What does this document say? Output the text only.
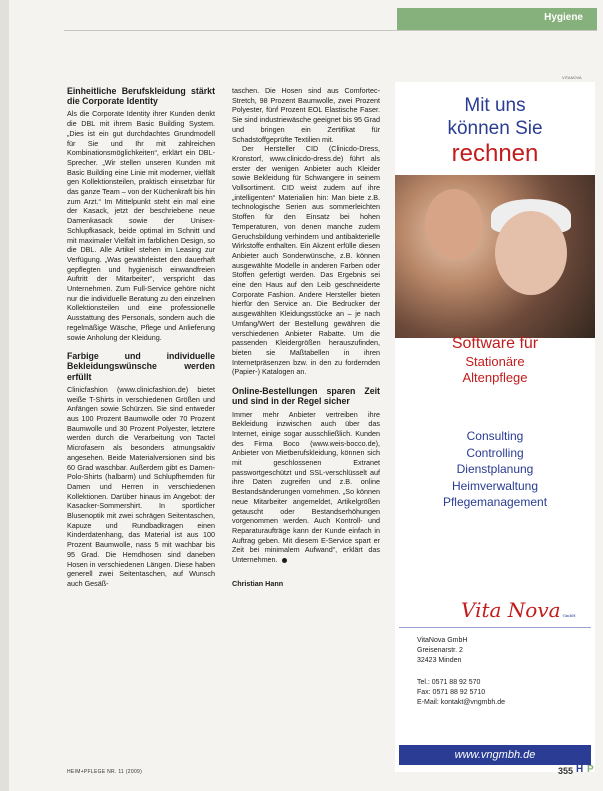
Hygiene
Einheitliche Berufskleidung stärkt die Corporate Identity

Als die Corporate Identity ihrer Kunden denkt die DBL mit ihrem Basic Building System. „Dies ist ein gut durchdachtes Grundmodell für Sie und Ihr mit zahlreichen Kombinationsmöglichkeiten“, erklärt ein DBL-Sprecher. „Wir stellen unseren Kunden mit Basic Building eine Linie mit moderner, vielfält gen Kollektionsteilen, praktisch einsetzbar für das ganze Team – von der Küchenkraft bis hin zum Arzt.“ Im Mittelpunkt steht ein mal eine der Kasack, jetzt der beschriebene neue Damenkasack sowie der Unisex-Schlupfkasack, beide optimal im Schnitt und mit maximaler Vielfalt im farblichen Design, so die DBL. Alle Artikel stehen im Leasing zur Verfügung. „Was gewährleistet den dauerhaft gepflegten und hygienisch einwandfreien Auftritt der Mitarbeiter“, verspricht das Unternehmen. Zum Full-Service gehöre nicht nur die individuelle Beratung zu den einzelnen Kollektionsteilen und eine professionelle Ausstattung des Personals, sondern auch die regelmäßige Wäsche, Pflege und Anlieferung sowie Anholung der Kleidung.

Farbige und individuelle Bekleidungswünsche werden erfüllt

Clinicfashion (www.clinicfashion.de) bietet weiße T-Shirts in verschiedenen Größen und Anfängen sowie Schürzen. Sie sind entweder aus 100 Prozent Baumwolle oder 70 Prozent Baumwolle und 30 Prozent Polyester, letztere werden durch die Verarbeitung von Tactel Microfasern als besonders atmungsaktiv angesehen. Beide Materialversionen sind bis 60 Grad waschbar. Außerdem gibt es Damen-Polo-Shirts (halbarm) und Schlupfhemden für Damen und Herren in verschiedenen Kollektionen. Darüber hinaus im Angebot: der Kasacker-Sommershirt. In sportlicher Blusenoptik mit zwei schrägen Seitentaschen, Kapuze und Rundbadkragen einen Kinderdatenhang, das Material ist aus 100 Prozent Baumwolle, nass 5 mit wachbar bis 95 Grad. Die Hemdhosen sind daneben Hosen in verschiedenen Längen. Diese haben generell zwei Seitentaschen, auf Wunsch auch Gesäß-

taschen. Die Hosen sind aus Comfortec-Stretch, 98 Prozent Baumwolle, zwei Prozent Polyester, fünf Prozent EOL Elastische Faser. Sie sind industriewäsche geeignet bis 95 Grad und bringen ein Zertifikat für Schadstoffgeprüfte Textilien mit.

Der Hersteller CID (Clinicdo-Dress, Kronstorf, www.clinicdo-dress.de) führt als erster der wenigen Anbieter auch Kleider sowie Bekleidung für Schwangere in seinem Vollsortiment. CID weist zudem auf ihre „intelligenten“ Materialien hin: Man biete z.B. technologische Serien aus sommerleichten Stoffen für den Einsatz bei hohen Temperaturen, von denen manche zudem Geruchsbildung verhindern und antibakterielle Wirkstoffe enthalten. Ein Akzent erfülle diesen Anbieter auch Sonderwünsche, z.B. können ausgewählte Modelle in anderen Farben oder Stoffen gefertigt werden. Das Ergebnis sei eine den Haus auf den Leib geschneiderte Corporate Fashion. Andere Hersteller bieten hierfür den Service an. Die Bedrucker der ausgewählten Kleidungsstücke an – je nach Umfang/Wert der Bestellung gewähren die verschiedenen Anbieter Rabatte. Um die passenden Kleidergrößen herauszufinden, bieten sie Maßtabellen in ihren Internetpräsenzen bzw. in den zu fordernden (Papier-) Katalogen an.

Online-Bestellungen sparen Zeit und sind in der Regel sicher

Immer mehr Anbieter vertreiben ihre Bekleidung inzwischen auch über das Internet, einige sogar ausschließlich. Kunden des Firma Boco (www.weis-bocco.de), Anbieter von Mietberufskleidung, können sich mit geschlossenen Extranet passwortgeschützt und SSL-verschlüsselt auf ihre Daten zugreifen und z.B. online Bestandsänderungen vornehmen. „So können neue Mitarbeiter angemeldet, Artikelgrößen getauscht oder Bestandserhöhungen vorgenommen werden. Auch Kontroll- und Reparaturaufträge kann der Kunde einfach in Auftrag geben. Mit diesem E-Service spart er Zeit bei minimalem Aufwand“, erklärt das Unternehmen.

Christian Hann

VITANOVA
Mit uns
können Sie
rechnen
Software für
Stationäre
Altenpflege
Consulting
Controlling
Dienstplanung
Heimverwaltung
Pflegemanagement
Vita Nova GmbH
VitaNova GmbH
Greisenarstr. 2
32423 Minden
Tel.: 0571 88 92 570
Fax: 0571 88 92 5710
E-Mail: kontakt@vngmbh.de
www.vngmbh.de
HEIM+PFLEGE NR. 11 (2009)	355 H P
